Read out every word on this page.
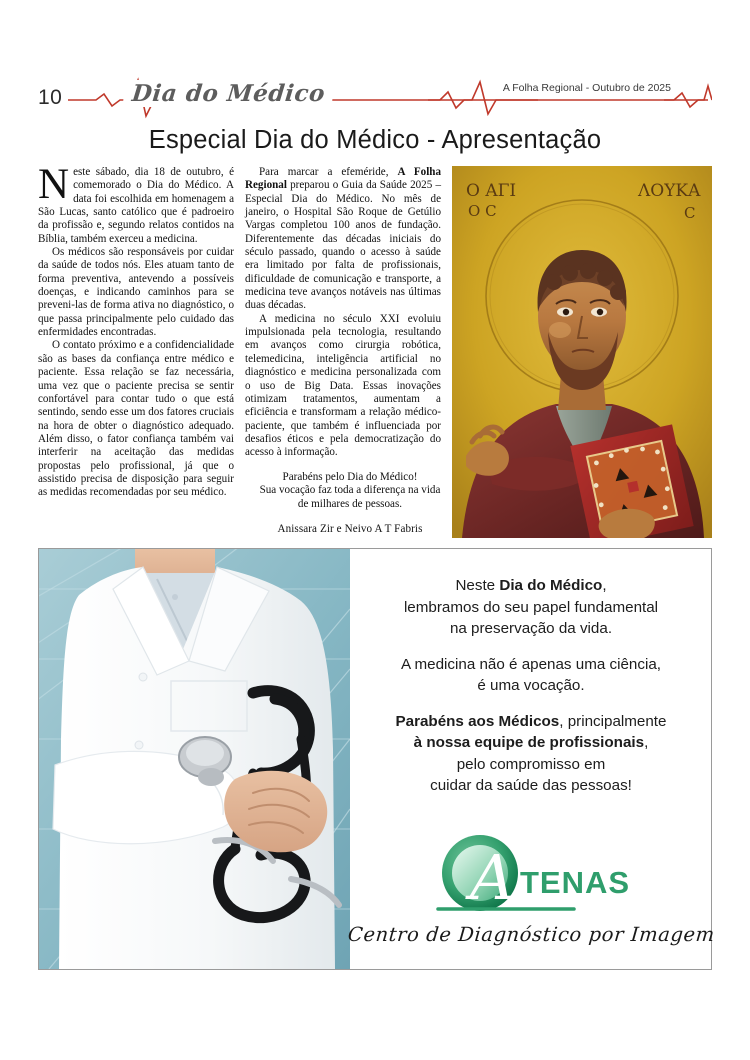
10	Dia do Médico	A Folha Regional - Outubro de 2025
Especial Dia do Médico - Apresentação

Neste sábado, dia 18 de outubro, é comemorado o Dia do Médico. A data foi escolhida em homenagem a São Lucas, santo católico que é padroeiro da profissão e, segundo relatos contidos na Bíblia, também exerceu a medicina.

Os médicos são responsáveis por cuidar da saúde de todos nós. Eles atuam tanto de forma preventiva, antevendo a possíveis doenças, e indicando caminhos para se preveni-las de forma ativa no diagnóstico, o que passa principalmente pelo cuidado das enfermidades encontradas.

O contato próximo e a confidencialidade são as bases da confiança entre médico e paciente. Essa relação se faz necessária, uma vez que o paciente precisa se sentir confortável para contar tudo o que está sentindo, sendo esse um dos fatores cruciais na hora de obter o diagnóstico adequado. Além disso, o fator confiança também vai interferir na aceitação das medidas propostas pelo profissional, já que o assistido precisa de disposição para seguir as medidas recomendadas por seu médico.

Para marcar a efeméride, A Folha Regional preparou o Guia da Saúde 2025 – Especial Dia do Médico. No mês de janeiro, o Hospital São Roque de Getúlio Vargas completou 100 anos de fundação. Diferentemente das décadas iniciais do século passado, quando o acesso à saúde era limitado por falta de profissionais, dificuldade de comunicação e transporte, a medicina teve avanços notáveis nas últimas duas décadas.

A medicina no século XXI evoluiu impulsionada pela tecnologia, resultando em avanços como cirurgia robótica, telemedicina, inteligência artificial no diagnóstico e medicina personalizada com o uso de Big Data. Essas inovações otimizam tratamentos, aumentam a eficiência e transformam a relação médico-paciente, que também é influenciada por desafios éticos e pela democratização do acesso à informação.

Parabéns pelo Dia do Médico!

Sua vocação faz toda a diferença na vida

de milhares de pessoas.

Anissara Zir e Neivo A T Fabris

Ο ΑΓΙ
Ο Ϲ
ΛΟΥΚΑ
Ϲ
Neste Dia do Médico,
lembramos do seu papel fundamental
na preservação da vida.
A medicina não é apenas uma ciência,
é uma vocação.
Parabéns aos Médicos, principalmente
à nossa equipe de profissionais,
pelo compromisso em
cuidar da saúde das pessoas!
A TENAS
Centro de Diagnóstico por Imagem
